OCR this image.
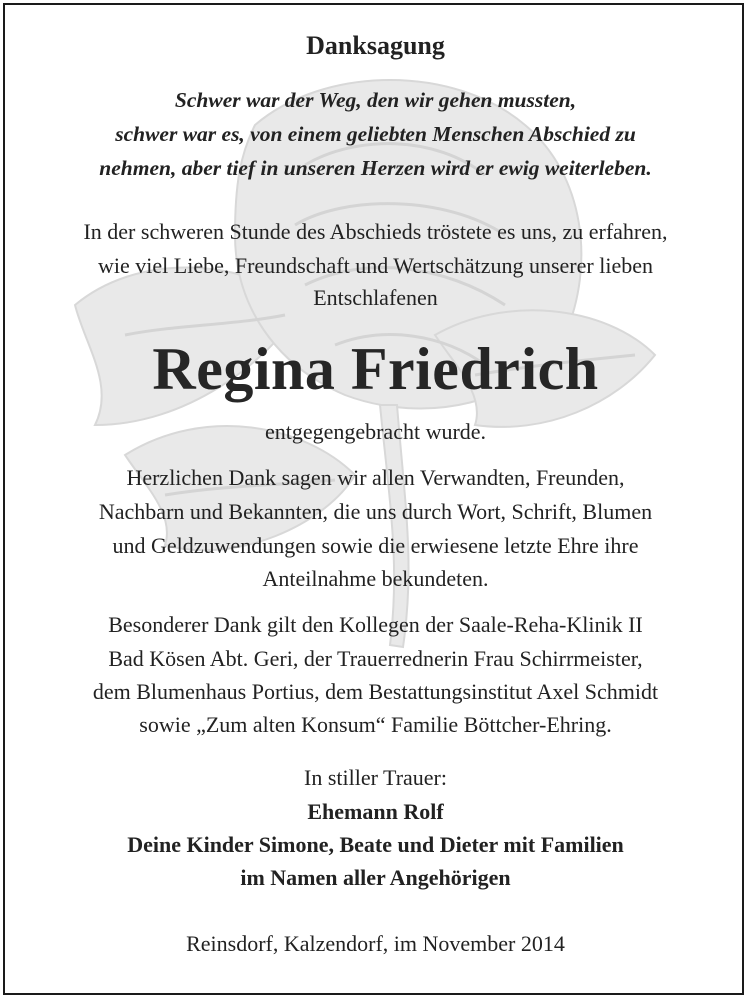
Danksagung
Schwer war der Weg, den wir gehen mussten,
schwer war es, von einem geliebten Menschen Abschied zu
nehmen, aber tief in unseren Herzen wird er ewig weiterleben.
In der schweren Stunde des Abschieds tröstete es uns, zu erfahren,
wie viel Liebe, Freundschaft und Wertschätzung unserer lieben
Entschlafenen
Regina Friedrich
entgegengebracht wurde.
Herzlichen Dank sagen wir allen Verwandten, Freunden,
Nachbarn und Bekannten, die uns durch Wort, Schrift, Blumen
und Geldzuwendungen sowie die erwiesene letzte Ehre ihre
Anteilnahme bekundeten.
Besonderer Dank gilt den Kollegen der Saale-Reha-Klinik II
Bad Kösen Abt. Geri, der Trauerrednerin Frau Schirrmeister,
dem Blumenhaus Portius, dem Bestattungsinstitut Axel Schmidt
sowie „Zum alten Konsum“ Familie Böttcher-Ehring.
In stiller Trauer:
Ehemann Rolf
Deine Kinder Simone, Beate und Dieter mit Familien
im Namen aller Angehörigen
Reinsdorf, Kalzendorf, im November 2014
